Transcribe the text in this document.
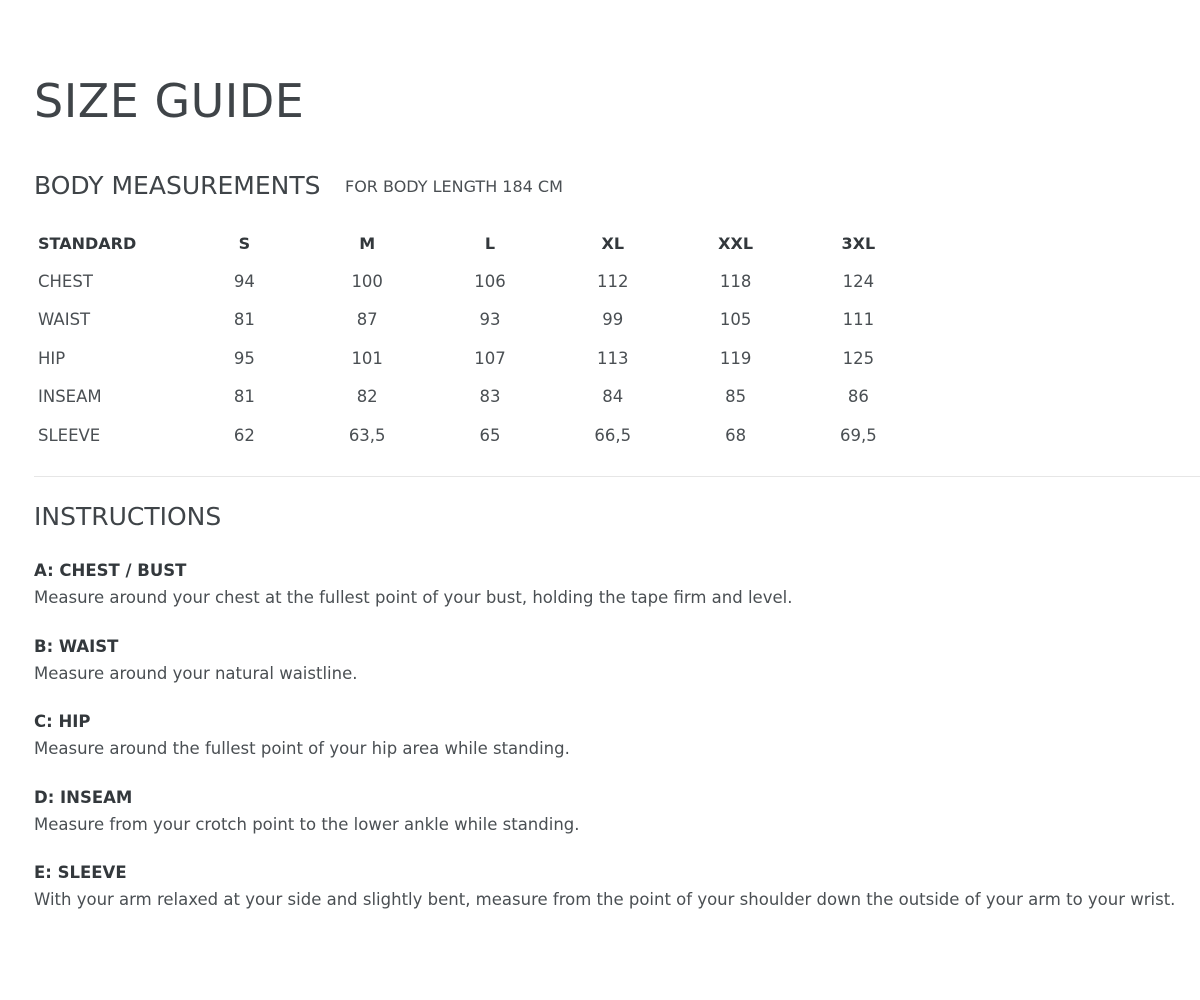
SIZE GUIDE
BODY MEASUREMENTS FOR BODY LENGTH 184 CM
STANDARD	S	M	L	XL	XXL	3XL
CHEST	94	100	106	112	118	124
WAIST	81	87	93	99	105	111
HIP	95	101	107	113	119	125
INSEAM	81	82	83	84	85	86
SLEEVE	62	63,5	65	66,5	68	69,5
INSTRUCTIONS
A: CHEST / BUST
Measure around your chest at the fullest point of your bust, holding the tape firm and level.
B: WAIST
Measure around your natural waistline.
C: HIP
Measure around the fullest point of your hip area while standing.
D: INSEAM
Measure from your crotch point to the lower ankle while standing.
E: SLEEVE
With your arm relaxed at your side and slightly bent, measure from the point of your shoulder down the outside of your arm to your wrist.
